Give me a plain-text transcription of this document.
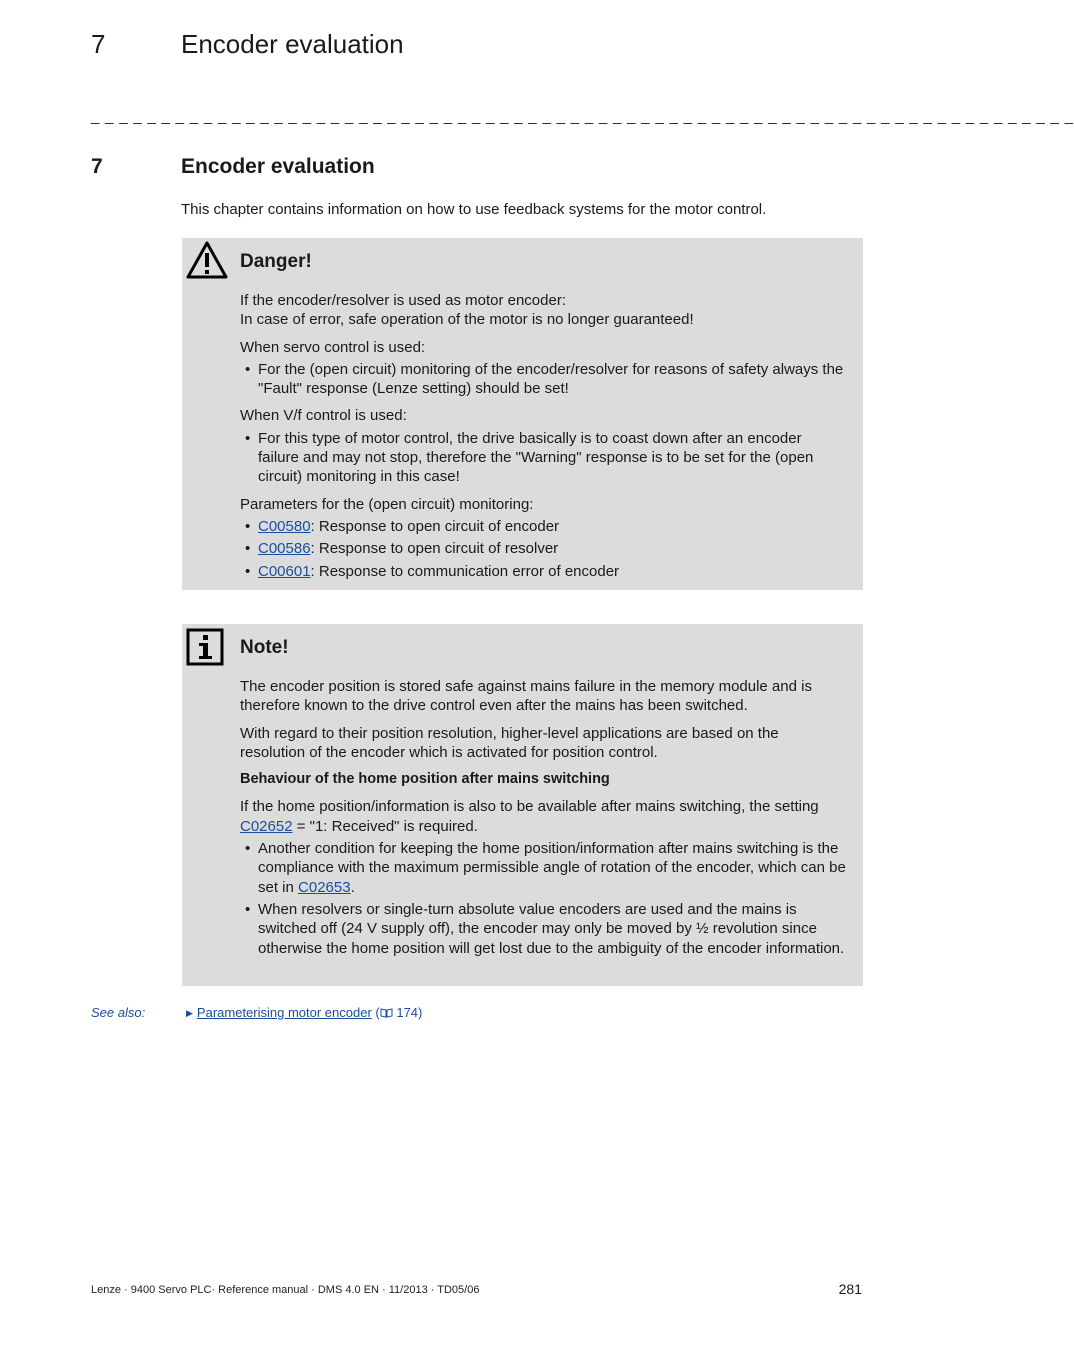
7	Encoder evaluation
_ _ _ _ _ _ _ _ _ _ _ _ _ _ _ _ _ _ _ _ _ _ _ _ _ _ _ _ _ _ _ _ _ _ _ _ _ _ _ _ _ _ _ _ _ _ _ _ _ _ _ _ _ _ _ _ _ _ _ _ _ _ _ _ _ _ _ _ _ _
7	Encoder evaluation
This chapter contains information on how to use feedback systems for the motor control.
Danger!

If the encoder/resolver is used as motor encoder:
In case of error, safe operation of the motor is no longer guaranteed!

When servo control is used:

• For the (open circuit) monitoring of the encoder/resolver for reasons of safety always the "Fault" response (Lenze setting) should be set!

When V/f control is used:

• For this type of motor control, the drive basically is to coast down after an encoder failure and may not stop, therefore the "Warning" response is to be set for the (open circuit) monitoring in this case!

Parameters for the (open circuit) monitoring:

• C00580: Response to open circuit of encoder
• C00586: Response to open circuit of resolver
• C00601: Response to communication error of encoder
Note!

The encoder position is stored safe against mains failure in the memory module and is therefore known to the drive control even after the mains has been switched.

With regard to their position resolution, higher-level applications are based on the resolution of the encoder which is activated for position control.

Behaviour of the home position after mains switching

If the home position/information is also to be available after mains switching, the setting C02652 = "1: Received" is required.

• Another condition for keeping the home position/information after mains switching is the compliance with the maximum permissible angle of rotation of the encoder, which can be set in C02653.
• When resolvers or single-turn absolute value encoders are used and the mains is switched off (24 V supply off), the encoder may only be moved by ½ revolution since otherwise the home position will get lost due to the ambiguity of the encoder information.
See also:	▶ Parameterising motor encoder ( 174)
Lenze · 9400 Servo PLC· Reference manual · DMS 4.0 EN · 11/2013 · TD05/06	281
